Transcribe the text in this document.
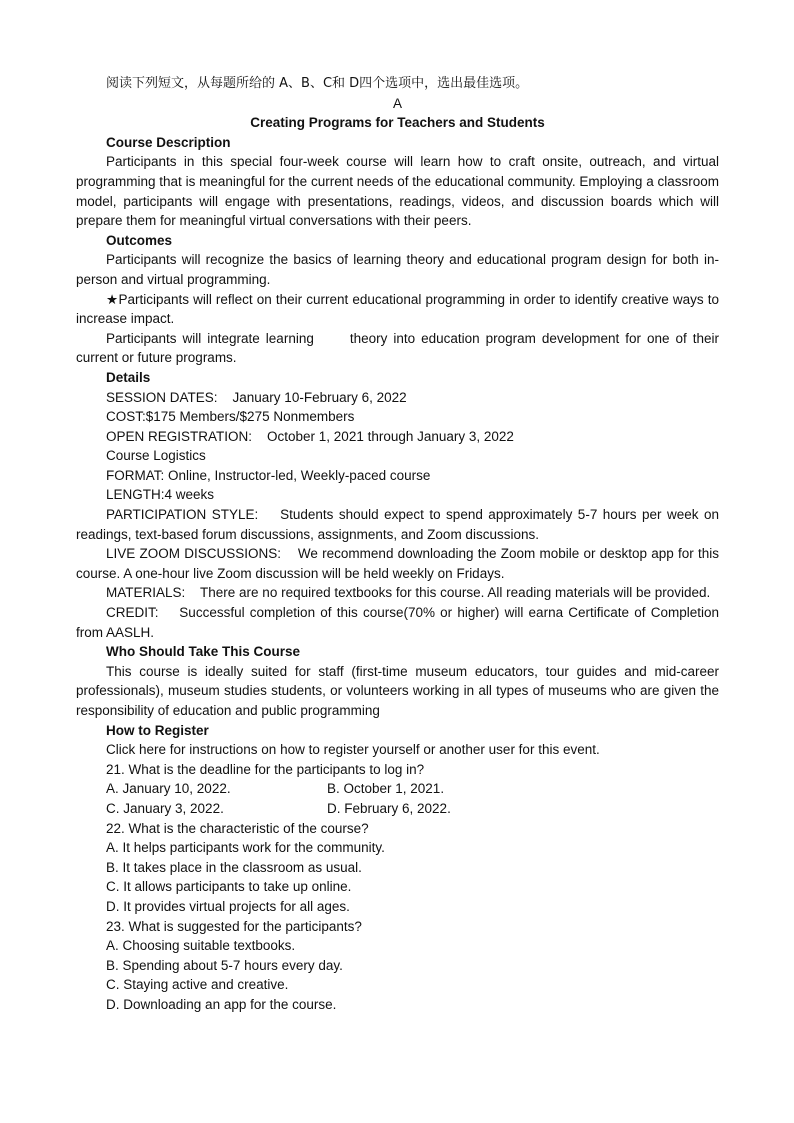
阅读下列短文，从每题所给的 A、B、C和 D四个选项中，选出最佳选项。

A

Creating Programs for Teachers and Students

Course Description

Participants in this special four-week course will learn how to craft onsite, outreach, and virtual programming that is meaningful for the current needs of the educational community. Employing a classroom model, participants will engage with presentations, readings, videos, and discussion boards which will prepare them for meaningful virtual conversations with their peers.

Outcomes

Participants will recognize the basics of learning theory and educational program design for both in-person and virtual programming.

★Participants will reflect on their current educational programming in order to identify creative ways to increase impact.

Participants will integrate learning      theory into education program development for one of their current or future programs.

Details

SESSION DATES:    January 10-February 6, 2022

COST:$175 Members/$275 Nonmembers

OPEN REGISTRATION:    October 1, 2021 through January 3, 2022

Course Logistics

FORMAT: Online, Instructor-led, Weekly-paced course

LENGTH:4 weeks

PARTICIPATION STYLE:    Students should expect to spend approximately 5-7 hours per week on readings, text-based forum discussions, assignments, and Zoom discussions.

LIVE ZOOM DISCUSSIONS:    We recommend downloading the Zoom mobile or desktop app for this course. A one-hour live Zoom discussion will be held weekly on Fridays.

MATERIALS:    There are no required textbooks for this course. All reading materials will be provided.

CREDIT:    Successful completion of this course(70% or higher) will earna Certificate of Completion from AASLH.

Who Should Take This Course

This course is ideally suited for staff (first-time museum educators, tour guides and mid-career professionals), museum studies students, or volunteers working in all types of museums who are given the responsibility of education and public programming

How to Register

Click here for instructions on how to register yourself or another user for this event.

21. What is the deadline for the participants to log in?

A. January 10, 2022.	B. October 1, 2021.
C. January 3, 2022.	D. February 6, 2022.

22. What is the characteristic of the course?

A. It helps participants work for the community.

B. It takes place in the classroom as usual.

C. It allows participants to take up online.

D. It provides virtual projects for all ages.

23. What is suggested for the participants?

A. Choosing suitable textbooks.

B. Spending about 5-7 hours every day.

C. Staying active and creative.

D. Downloading an app for the course.
